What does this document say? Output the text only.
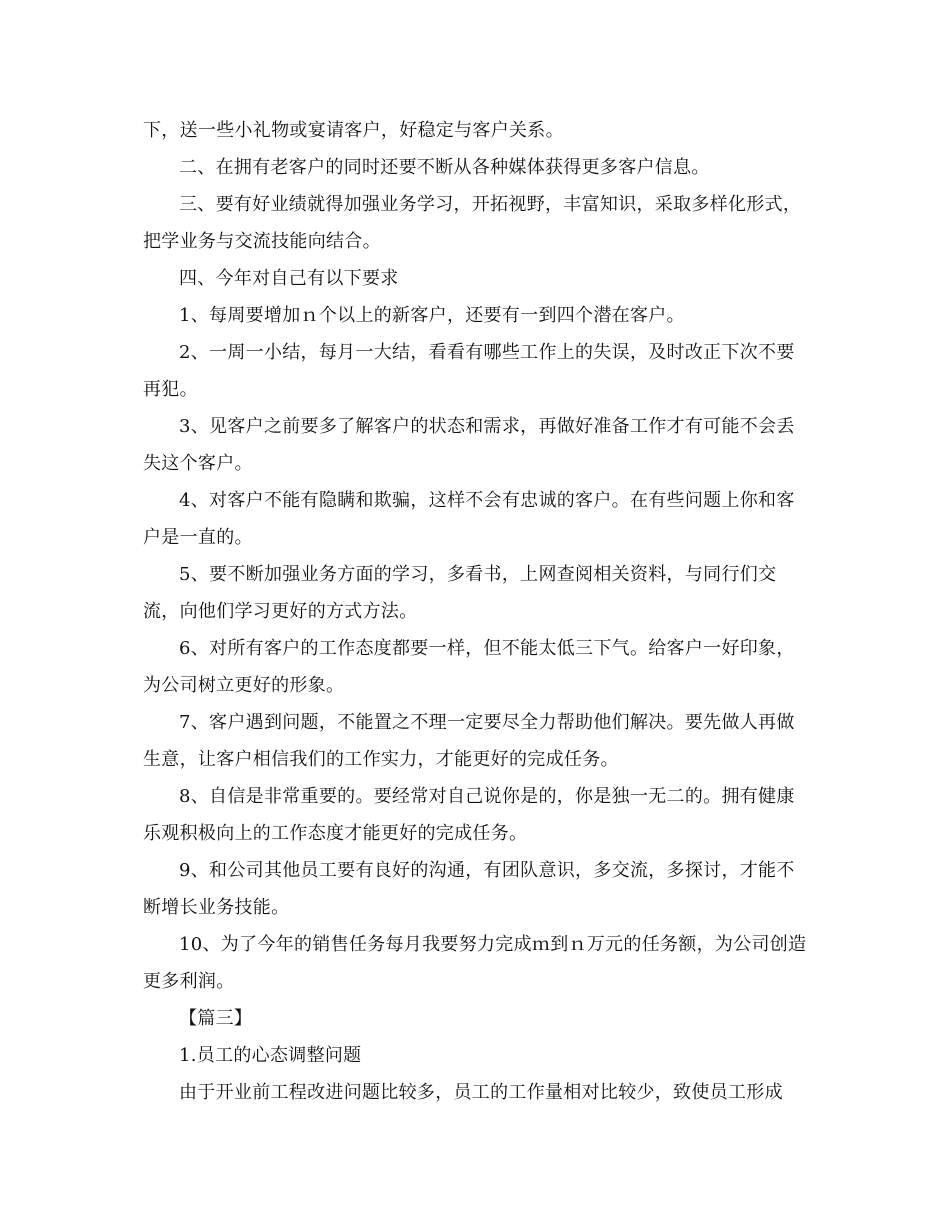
下，送一些小礼物或宴请客户，好稳定与客户关系。

二、在拥有老客户的同时还要不断从各种媒体获得更多客户信息。

三、要有好业绩就得加强业务学习，开拓视野，丰富知识，采取多样化形式，把学业务与交流技能向结合。

四、今年对自己有以下要求

1、每周要增加ｎ个以上的新客户，还要有一到四个潜在客户。

2、一周一小结，每月一大结，看看有哪些工作上的失误，及时改正下次不要再犯。

3、见客户之前要多了解客户的状态和需求，再做好准备工作才有可能不会丢失这个客户。

4、对客户不能有隐瞒和欺骗，这样不会有忠诚的客户。在有些问题上你和客户是一直的。

5、要不断加强业务方面的学习，多看书，上网查阅相关资料，与同行们交流，向他们学习更好的方式方法。

6、对所有客户的工作态度都要一样，但不能太低三下气。给客户一好印象，为公司树立更好的形象。

7、客户遇到问题，不能置之不理一定要尽全力帮助他们解决。要先做人再做生意，让客户相信我们的工作实力，才能更好的完成任务。

8、自信是非常重要的。要经常对自己说你是的，你是独一无二的。拥有健康乐观积极向上的工作态度才能更好的完成任务。

9、和公司其他员工要有良好的沟通，有团队意识，多交流，多探讨，才能不断增长业务技能。

10、为了今年的销售任务每月我要努力完成ｍ到ｎ万元的任务额，为公司创造更多利润。

【篇三】

1.员工的心态调整问题

由于开业前工程改进问题比较多，员工的工作量相对比较少，致使员工形成
